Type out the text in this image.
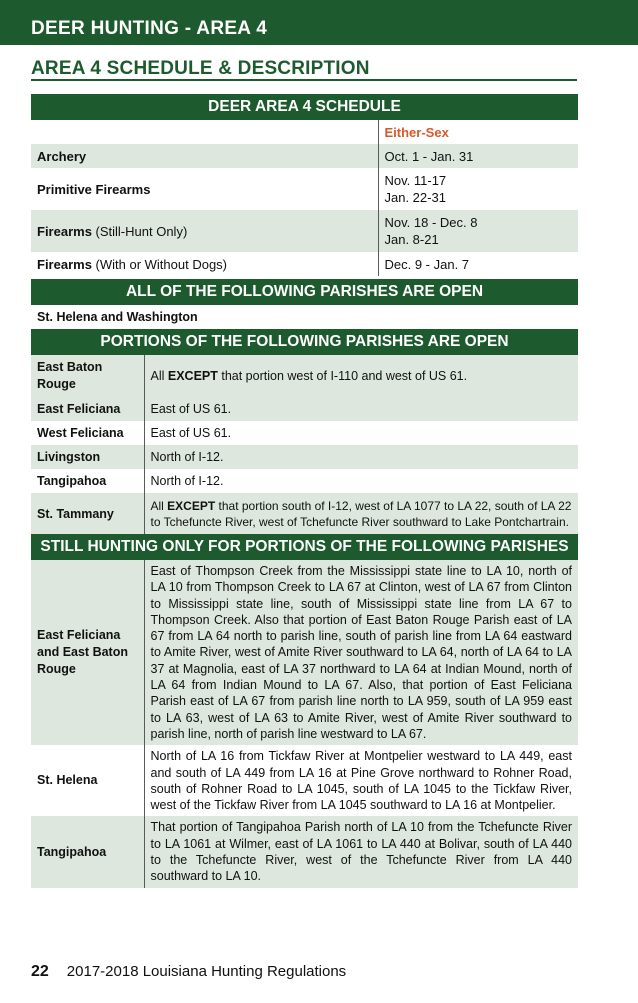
DEER HUNTING - AREA 4
AREA 4 SCHEDULE & DESCRIPTION
DEER AREA 4 SCHEDULE
	Either-Sex
Archery	Oct. 1 - Jan. 31
Primitive Firearms	Nov. 11-17
Jan. 22-31
Firearms (Still-Hunt Only)	Nov. 18 - Dec. 8
Jan. 8-21
Firearms (With or Without Dogs)	Dec. 9 - Jan. 7
ALL OF THE FOLLOWING PARISHES ARE OPEN
St. Helena and Washington
PORTIONS OF THE FOLLOWING PARISHES ARE OPEN
East Baton Rouge	All EXCEPT that portion west of I-110 and west of US 61.
East Feliciana	East of US 61.
West Feliciana	East of US 61.
Livingston	North of I-12.
Tangipahoa	North of I-12.
St. Tammany	All EXCEPT that portion south of I-12, west of LA 1077 to LA 22, south of LA 22 to Tchefuncte River, west of Tchefuncte River southward to Lake Pontchartrain.
STILL HUNTING ONLY FOR PORTIONS OF THE FOLLOWING PARISHES
East Feliciana and East Baton Rouge	East of Thompson Creek from the Mississippi state line to LA 10, north of LA 10 from Thompson Creek to LA 67 at Clinton, west of LA 67 from Clinton to Mississippi state line, south of Mississippi state line from LA 67 to Thompson Creek. Also that portion of East Baton Rouge Parish east of LA 67 from LA 64 north to parish line, south of parish line from LA 64 eastward to Amite River, west of Amite River southward to LA 64, north of LA 64 to LA 37 at Magnolia, east of LA 37 northward to LA 64 at Indian Mound, north of LA 64 from Indian Mound to LA 67. Also, that portion of East Feliciana Parish east of LA 67 from parish line north to LA 959, south of LA 959 east to LA 63, west of LA 63 to Amite River, west of Amite River southward to parish line, north of parish line westward to LA 67.
St. Helena	North of LA 16 from Tickfaw River at Montpelier westward to LA 449, east and south of LA 449 from LA 16 at Pine Grove northward to Rohner Road, south of Rohner Road to LA 1045, south of LA 1045 to the Tickfaw River, west of the Tickfaw River from LA 1045 southward to LA 16 at Montpelier.
Tangipahoa	That portion of Tangipahoa Parish north of LA 10 from the Tchefuncte River to LA 1061 at Wilmer, east of LA 1061 to LA 440 at Bolivar, south of LA 440 to the Tchefuncte River, west of the Tchefuncte River from LA 440 southward to LA 10.
22 2017-2018 Louisiana Hunting Regulations
